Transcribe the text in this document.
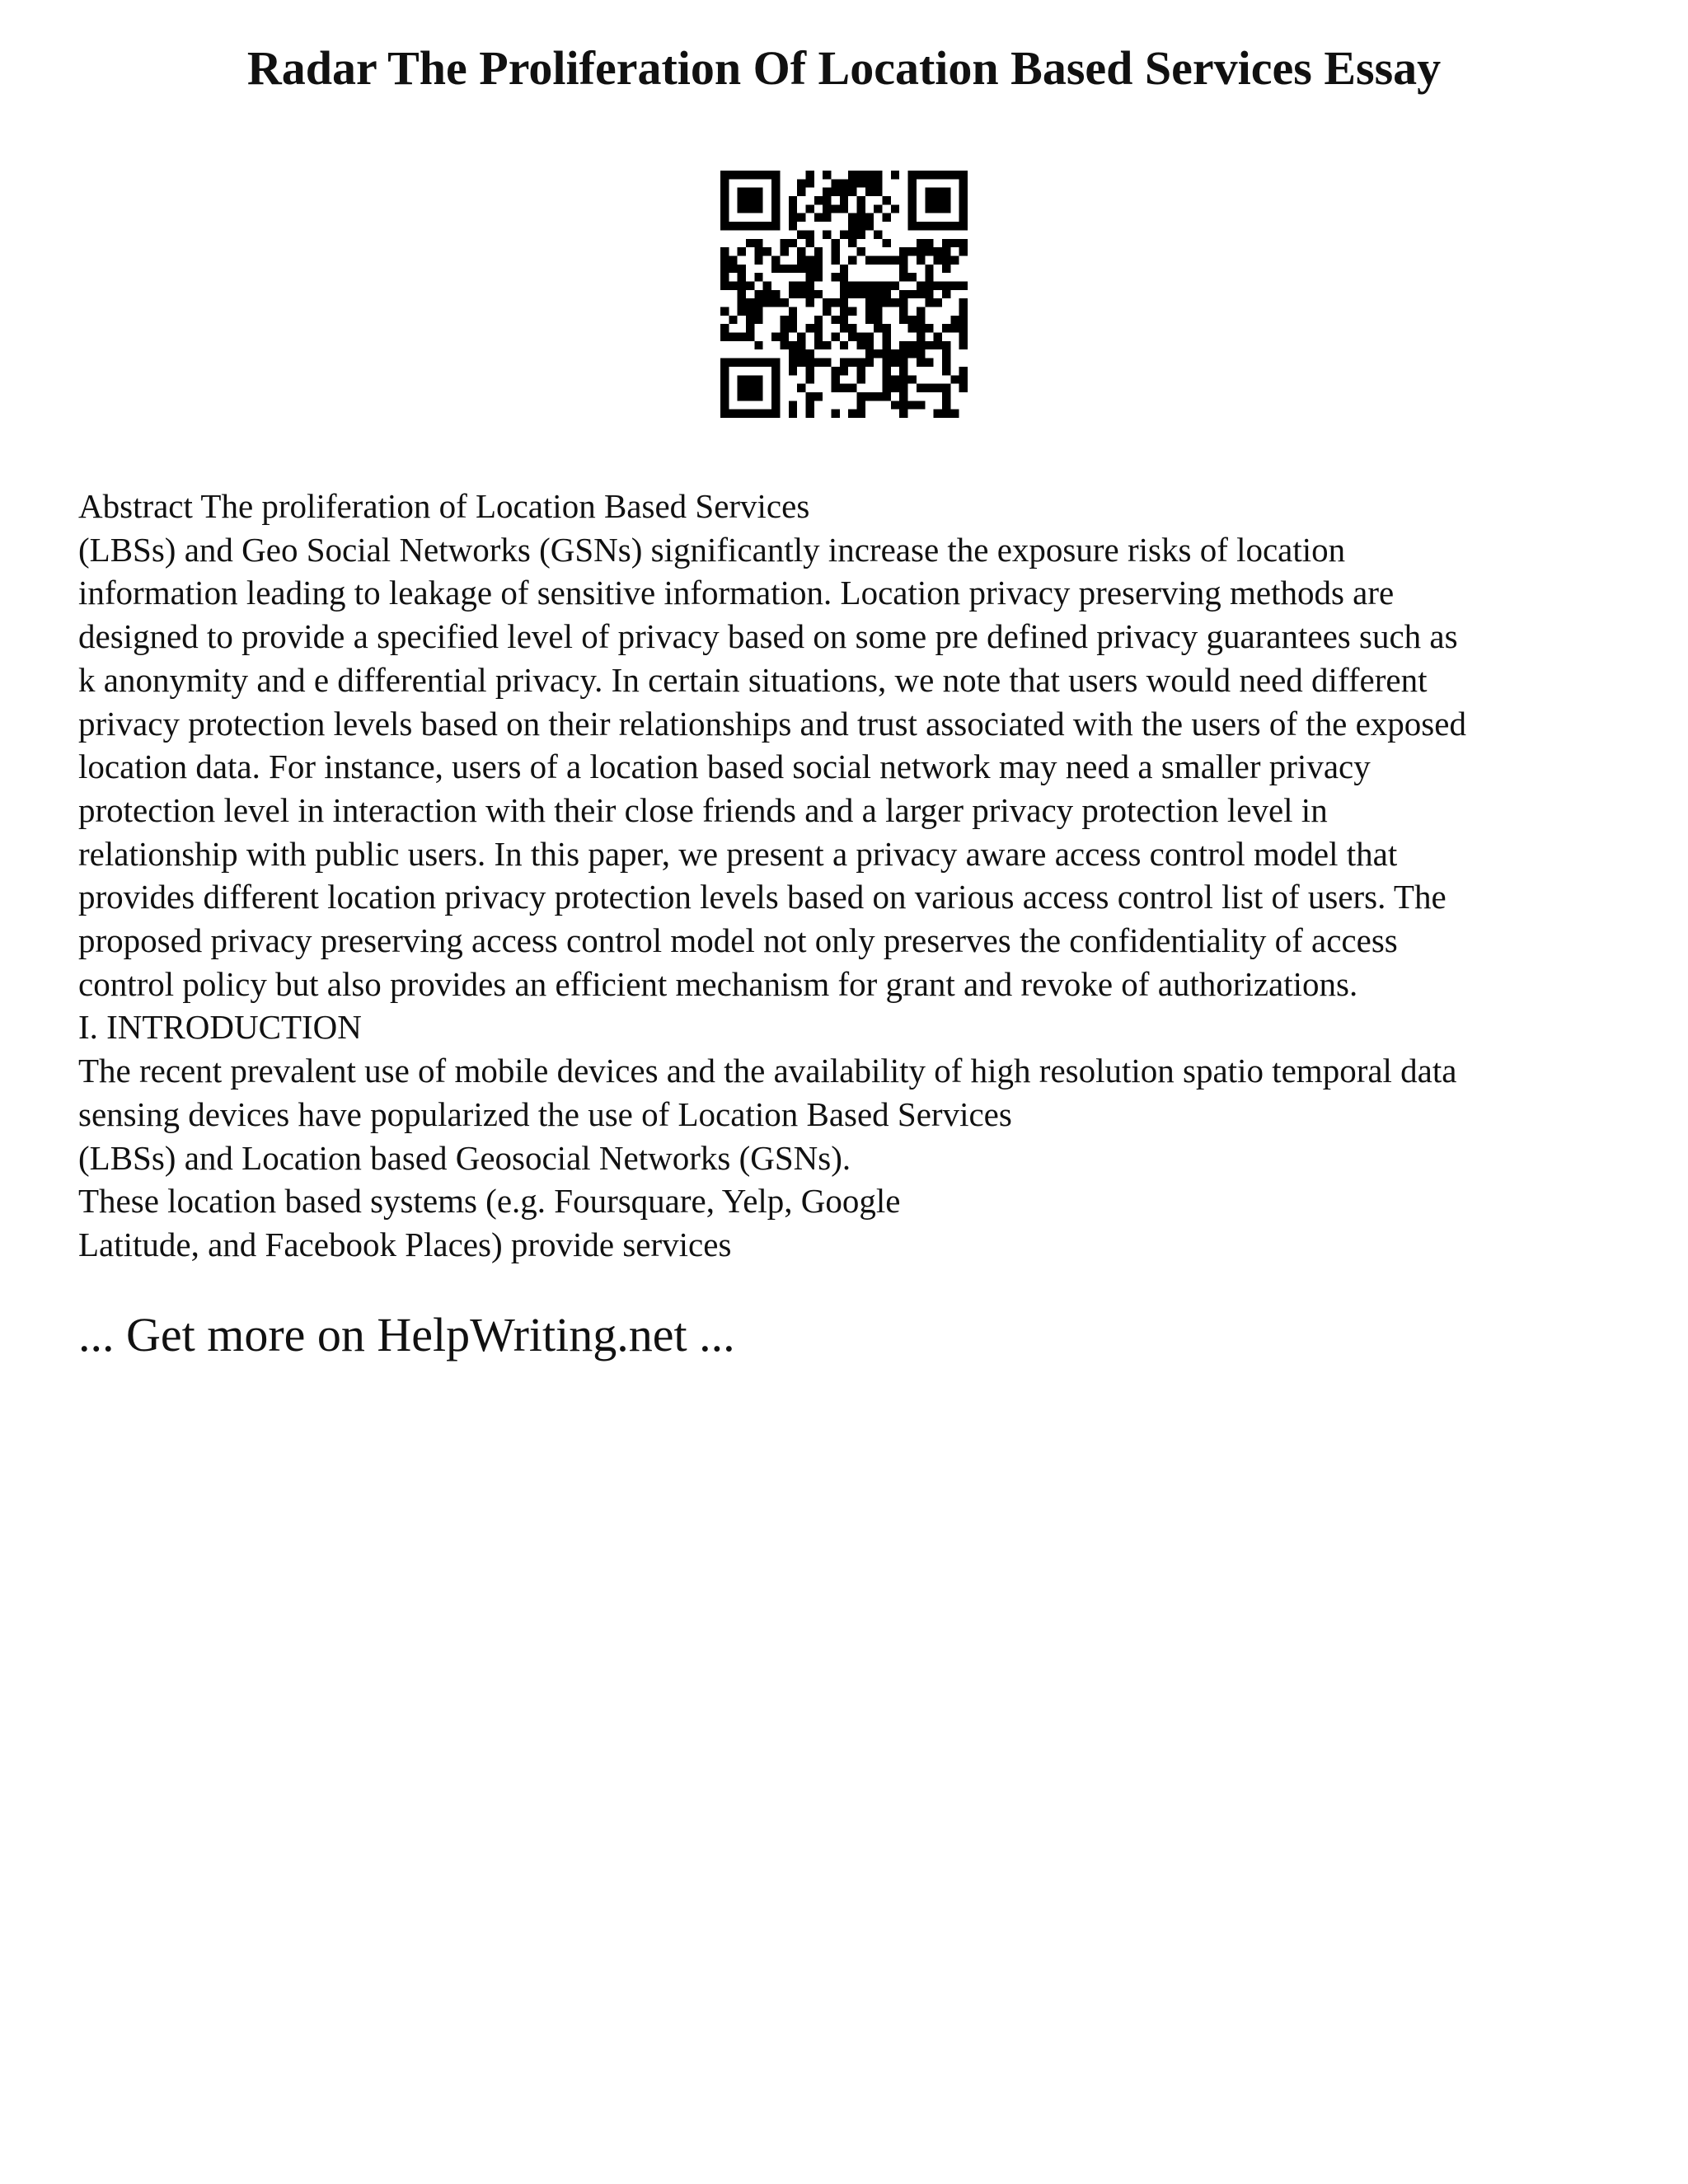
Radar The Proliferation Of Location Based Services Essay
Abstract The proliferation of Location Based Services
(LBSs) and Geo Social Networks (GSNs) significantly increase the exposure risks of location
information leading to leakage of sensitive information. Location privacy preserving methods are
designed to provide a specified level of privacy based on some pre defined privacy guarantees such as
k anonymity and e differential privacy. In certain situations, we note that users would need different
privacy protection levels based on their relationships and trust associated with the users of the exposed
location data. For instance, users of a location based social network may need a smaller privacy
protection level in interaction with their close friends and a larger privacy protection level in
relationship with public users. In this paper, we present a privacy aware access control model that
provides different location privacy protection levels based on various access control list of users. The
proposed privacy preserving access control model not only preserves the confidentiality of access
control policy but also provides an efficient mechanism for grant and revoke of authorizations.
I. INTRODUCTION
The recent prevalent use of mobile devices and the availability of high resolution spatio temporal data
sensing devices have popularized the use of Location Based Services
(LBSs) and Location based Geosocial Networks (GSNs).
These location based systems (e.g. Foursquare, Yelp, Google
Latitude, and Facebook Places) provide services
... Get more on HelpWriting.net ...
